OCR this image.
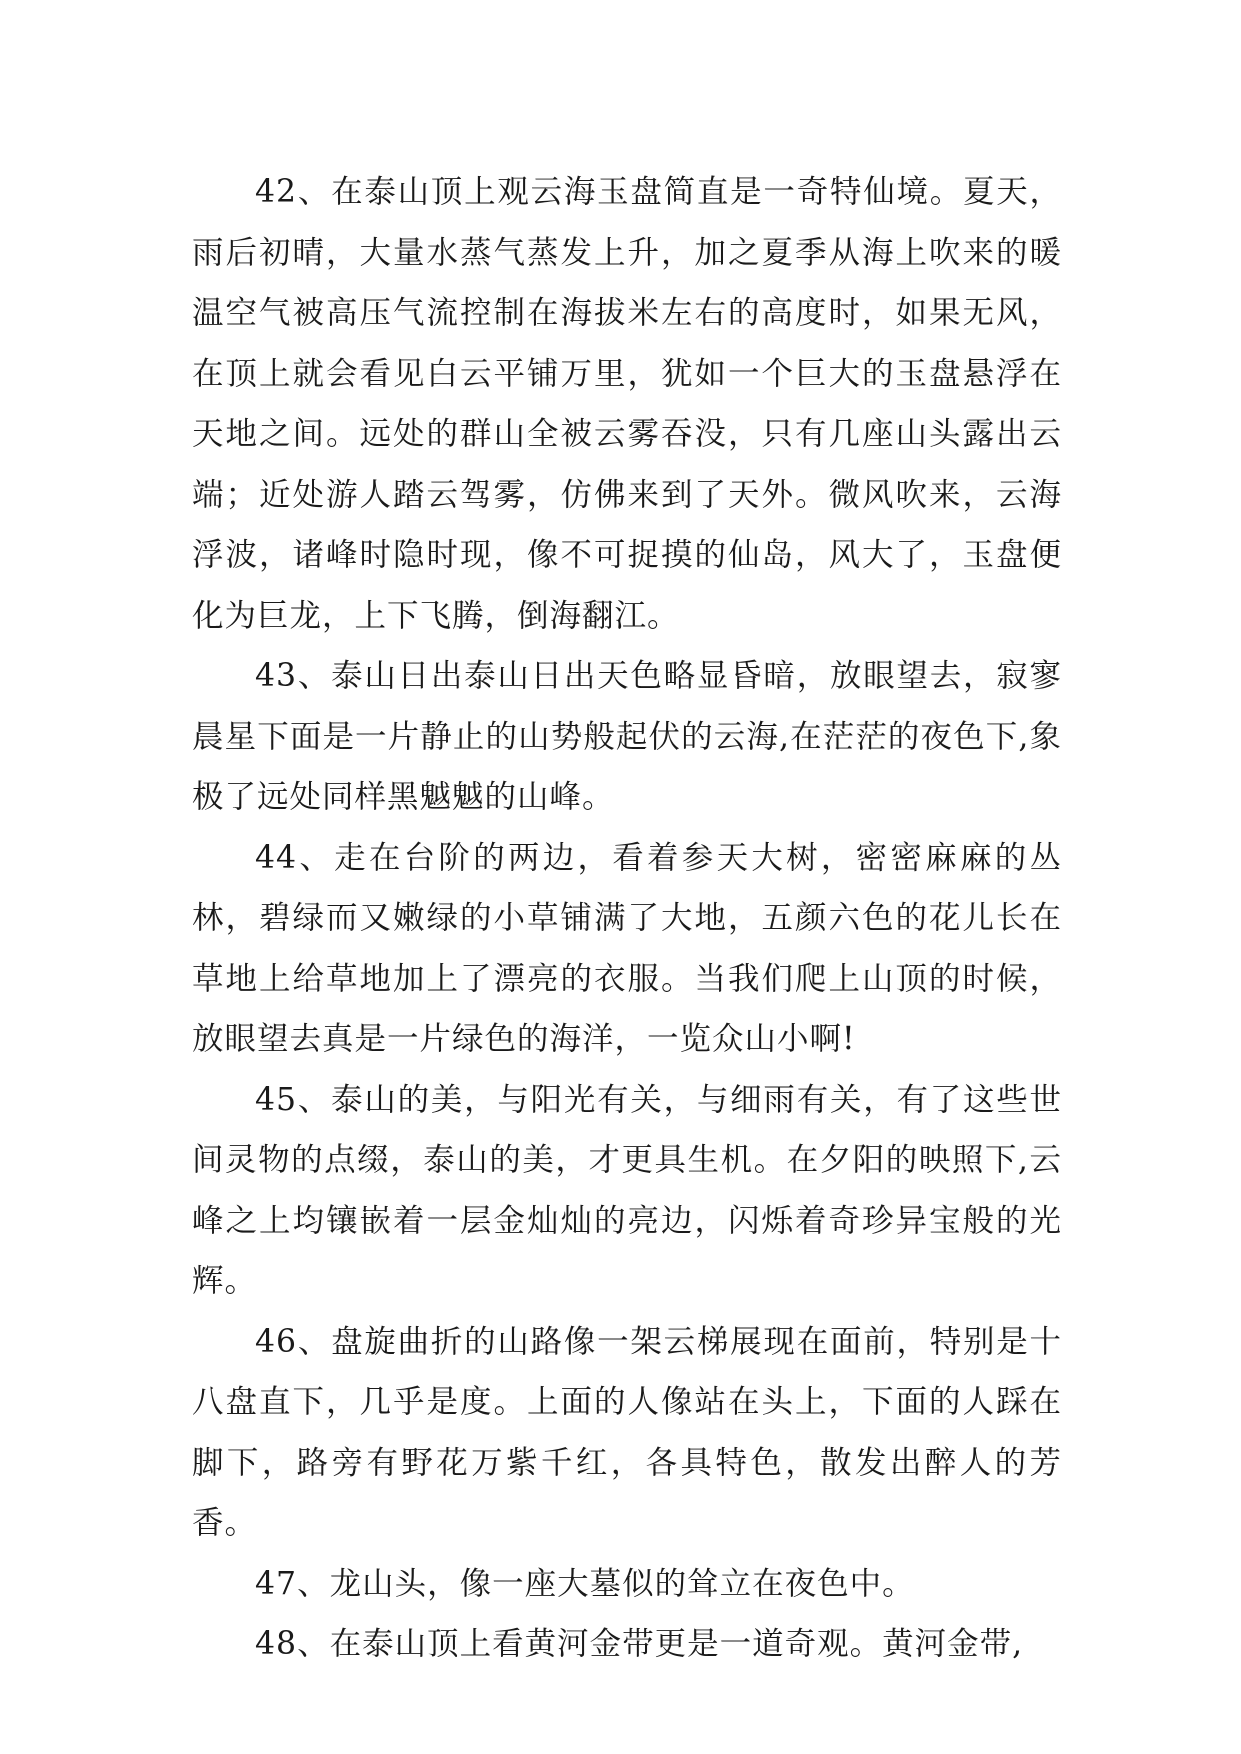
42、在泰山顶上观云海玉盘简直是一奇特仙境。夏天，雨后初晴，大量水蒸气蒸发上升，加之夏季从海上吹来的暖温空气被高压气流控制在海拔米左右的高度时，如果无风，在顶上就会看见白云平铺万里，犹如一个巨大的玉盘悬浮在天地之间。远处的群山全被云雾吞没，只有几座山头露出云端；近处游人踏云驾雾，仿佛来到了天外。微风吹来，云海浮波，诸峰时隐时现，像不可捉摸的仙岛，风大了，玉盘便化为巨龙，上下飞腾，倒海翻江。

43、泰山日出泰山日出天色略显昏暗，放眼望去，寂寥晨星下面是一片静止的山势般起伏的云海,在茫茫的夜色下,象极了远处同样黑魆魆的山峰。

44、走在台阶的两边，看着参天大树，密密麻麻的丛林，碧绿而又嫩绿的小草铺满了大地，五颜六色的花儿长在草地上给草地加上了漂亮的衣服。当我们爬上山顶的时候，放眼望去真是一片绿色的海洋，一览众山小啊!

45、泰山的美，与阳光有关，与细雨有关，有了这些世间灵物的点缀，泰山的美，才更具生机。在夕阳的映照下,云峰之上均镶嵌着一层金灿灿的亮边，闪烁着奇珍异宝般的光辉。

46、盘旋曲折的山路像一架云梯展现在面前，特别是十八盘直下，几乎是度。上面的人像站在头上，下面的人踩在脚下，路旁有野花万紫千红，各具特色，散发出醉人的芳香。

47、龙山头，像一座大墓似的耸立在夜色中。

48、在泰山顶上看黄河金带更是一道奇观。黄河金带,
